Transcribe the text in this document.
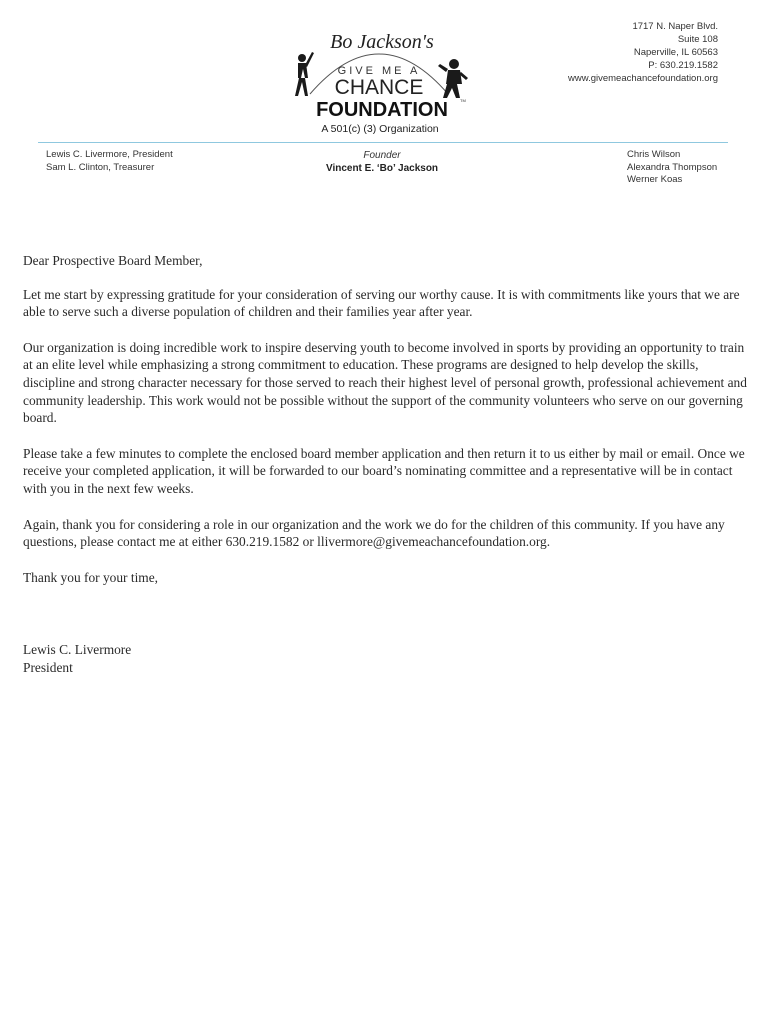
Bo Jackson's
GIVE ME A
CHANCE
FOUNDATION	TM
A 501(c) (3) Organization
1717 N. Naper Blvd.
Suite 108
Naperville, IL 60563
P: 630.219.1582
www.givemeachancefoundation.org
Lewis C. Livermore, President
Sam L. Clinton, Treasurer
Founder
Vincent E. ‘Bo’ Jackson
Chris Wilson
Alexandra Thompson
Werner Koas

Dear Prospective Board Member,

Let me start by expressing gratitude for your consideration of serving our worthy cause. It is with commitments like yours that we are able to serve such a diverse population of children and their families year after year.

Our organization is doing incredible work to inspire deserving youth to become involved in sports by providing an opportunity to train at an elite level while emphasizing a strong commitment to education. These programs are designed to help develop the skills, discipline and strong character necessary for those served to reach their highest level of personal growth, professional achievement and community leadership. This work would not be possible without the support of the community volunteers who serve on our governing board.

Please take a few minutes to complete the enclosed board member application and then return it to us either by mail or email. Once we receive your completed application, it will be forwarded to our board’s nominating committee and a representative will be in contact with you in the next few weeks.

Again, thank you for considering a role in our organization and the work we do for the children of this community. If you have any questions, please contact me at either 630.219.1582 or llivermore@givemeachancefoundation.org.

Thank you for your time,

Lewis C. Livermore
President
